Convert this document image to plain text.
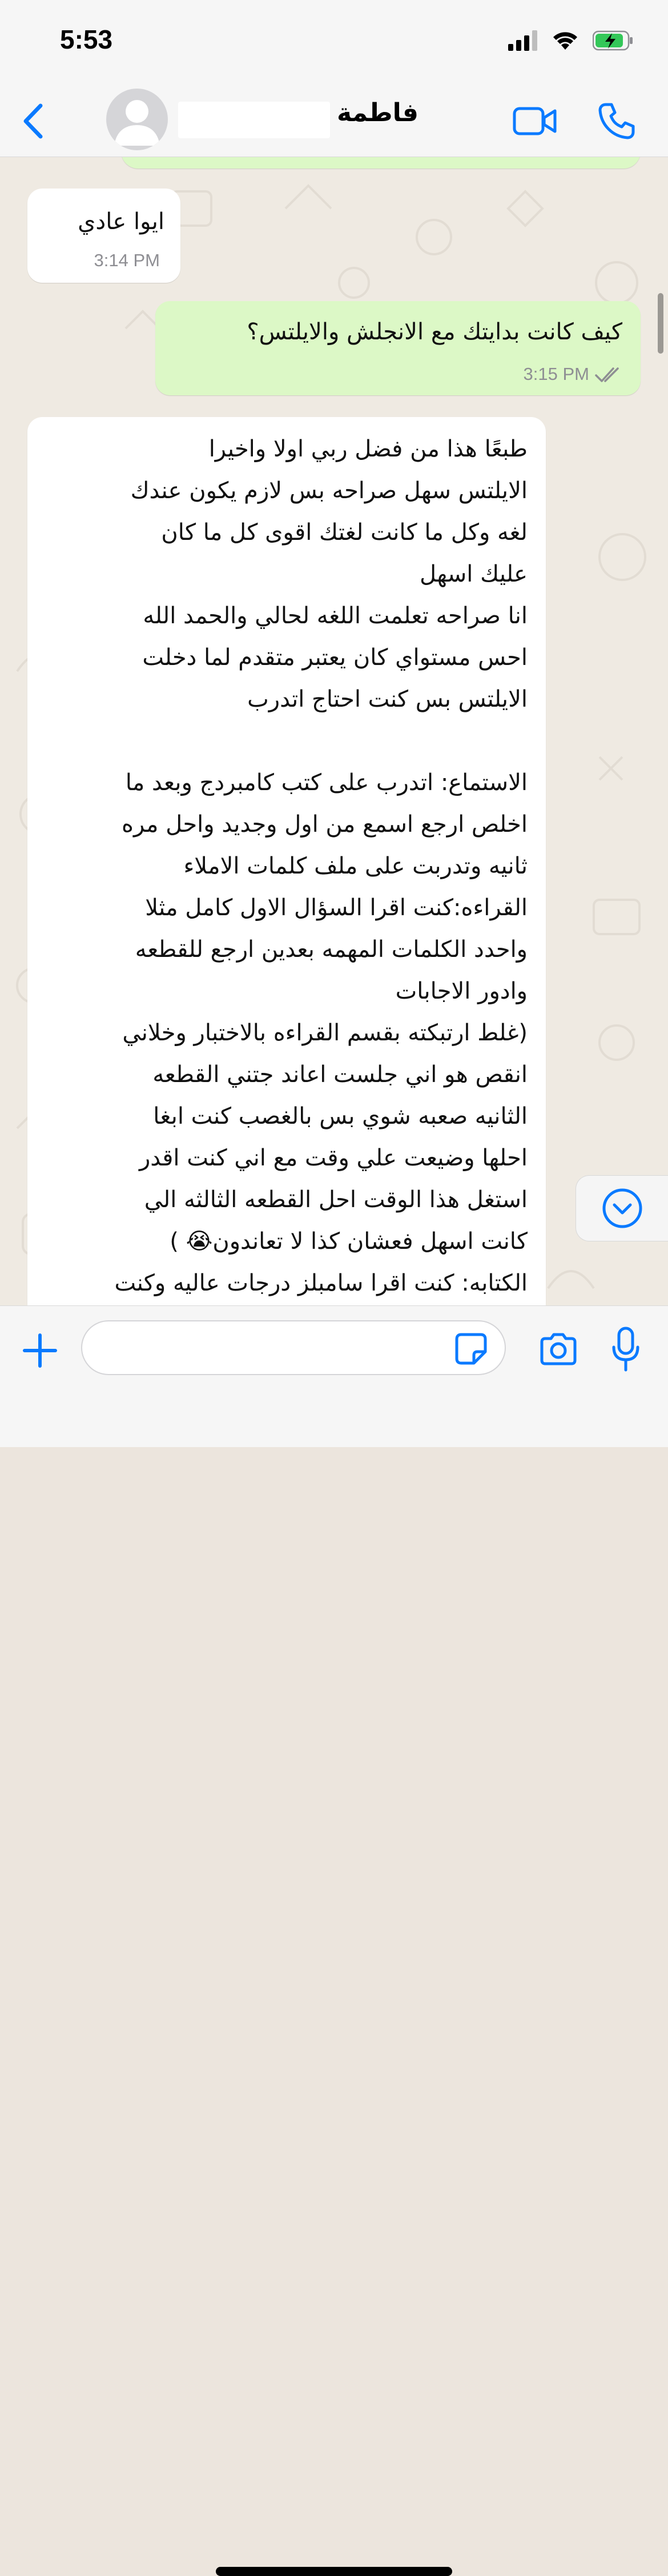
5:53
فاطمة
ايوا عادي
3:14 PM
كيف كانت بدايتك مع الانجلش والايلتس؟
3:15 PM
طبعًا هذا من فضل ربي اولا واخيرا
الايلتس سهل صراحه بس لازم يكون عندك
لغه وكل ما كانت لغتك اقوى كل ما كان
عليك اسهل
انا صراحه تعلمت اللغه لحالي والحمد الله
احس مستواي كان يعتبر متقدم لما دخلت
الايلتس بس كنت احتاج اتدرب

الاستماع: اتدرب على كتب كامبردج وبعد ما
اخلص ارجع اسمع من اول وجديد واحل مره
ثانيه وتدربت على ملف كلمات الاملاء
القراءه:كنت اقرا السؤال الاول كامل مثلا
واحدد الكلمات المهمه بعدين ارجع للقطعه
وادور الاجابات
(غلط ارتبكته بقسم القراءه بالاختبار وخلاني
انقص هو اني جلست اعاند جتني القطعه
الثانيه صعبه شوي بس بالغصب كنت ابغا
احلها وضيعت علي وقت مع اني كنت اقدر
استغل هذا الوقت احل القطعه الثالثه الي
كانت اسهل فعشان كذا لا تعاندون😭 )
الكتابه: كنت اقرا سامبلز درجات عاليه وكنت
